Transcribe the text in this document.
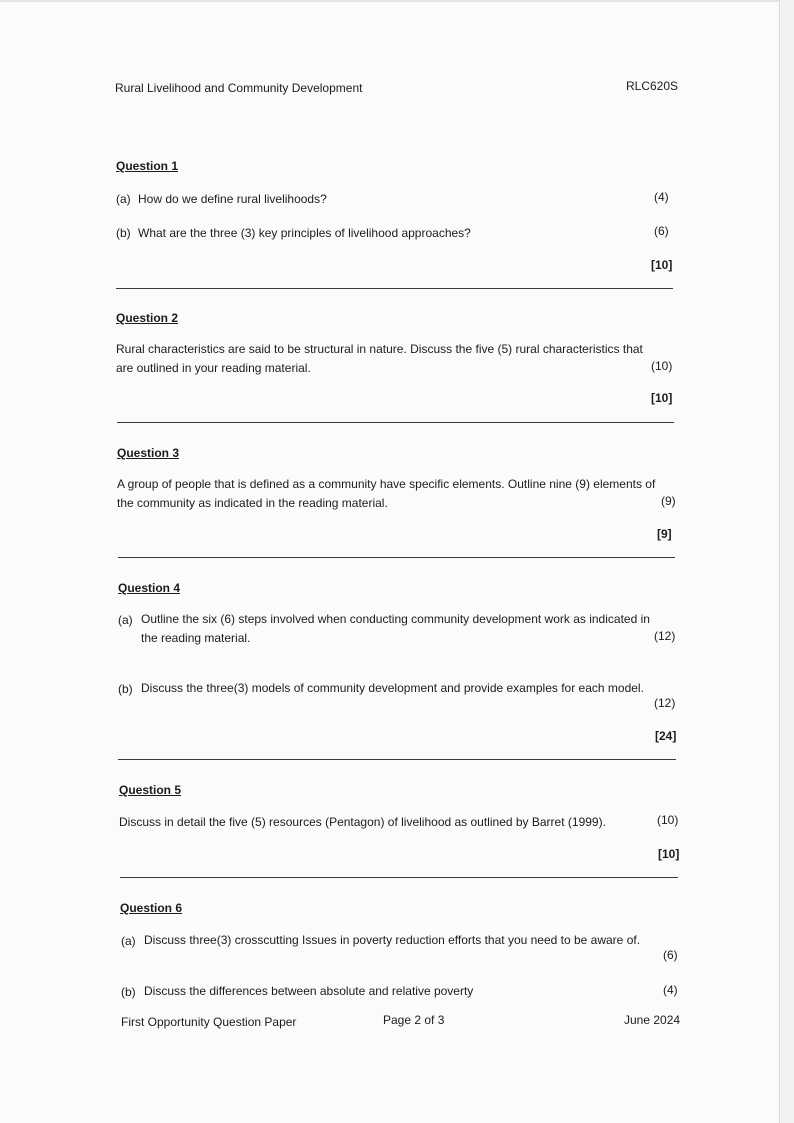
Rural Livelihood and Community Development	RLC620S
Question 1
(a) How do we define rural livelihoods?	(4)
(b) What are the three (3) key principles of livelihood approaches?	(6)
[10]
Question 2
Rural characteristics are said to be structural in nature. Discuss the five (5) rural characteristics that
are outlined in your reading material.	(10)
[10]
Question 3
A group of people that is defined as a community have specific elements. Outline nine (9) elements of
the community as indicated in the reading material.	(9)
[9]
Question 4
(a) Outline the six (6) steps involved when conducting community development work as indicated in
the reading material.	(12)
(b) Discuss the three(3) models of community development and provide examples for each model.
(12)
[24]
Question 5
Discuss in detail the five (5) resources (Pentagon) of livelihood as outlined by Barret (1999).	(10)
[10]
Question 6
(a) Discuss three(3) crosscutting Issues in poverty reduction efforts that you need to be aware of.
(6)
(b) Discuss the differences between absolute and relative poverty	(4)
First Opportunity Question Paper	Page 2 of 3	June 2024
